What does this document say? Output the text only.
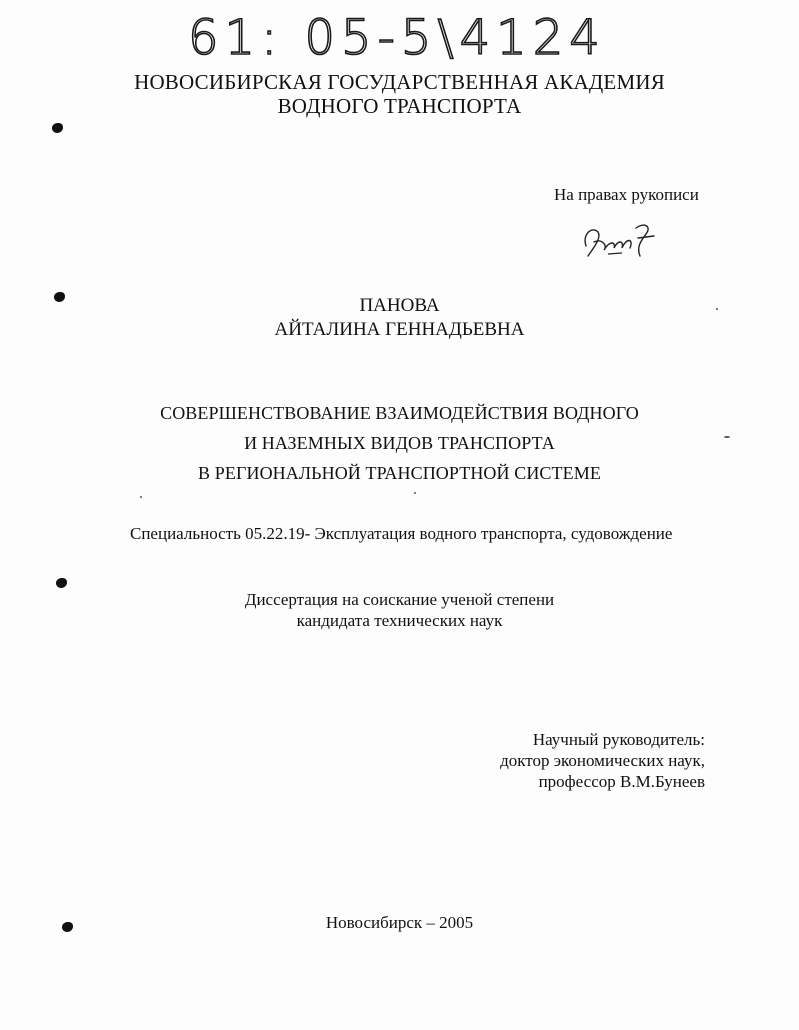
61: 05-5\4124
НОВОСИБИРСКАЯ ГОСУДАРСТВЕННАЯ АКАДЕМИЯ
ВОДНОГО ТРАНСПОРТА
На правах рукописи
ПАНОВА
АЙТАЛИНА ГЕННАДЬЕВНА
СОВЕРШЕНСТВОВАНИЕ ВЗАИМОДЕЙСТВИЯ ВОДНОГО
И НАЗЕМНЫХ ВИДОВ ТРАНСПОРТА
В РЕГИОНАЛЬНОЙ ТРАНСПОРТНОЙ СИСТЕМЕ
Специальность 05.22.19- Эксплуатация водного транспорта, судовождение
Диссертация на соискание ученой степени
кандидата технических наук
Научный руководитель:
доктор экономических наук,
профессор В.М.Бунеев
Новосибирск – 2005
